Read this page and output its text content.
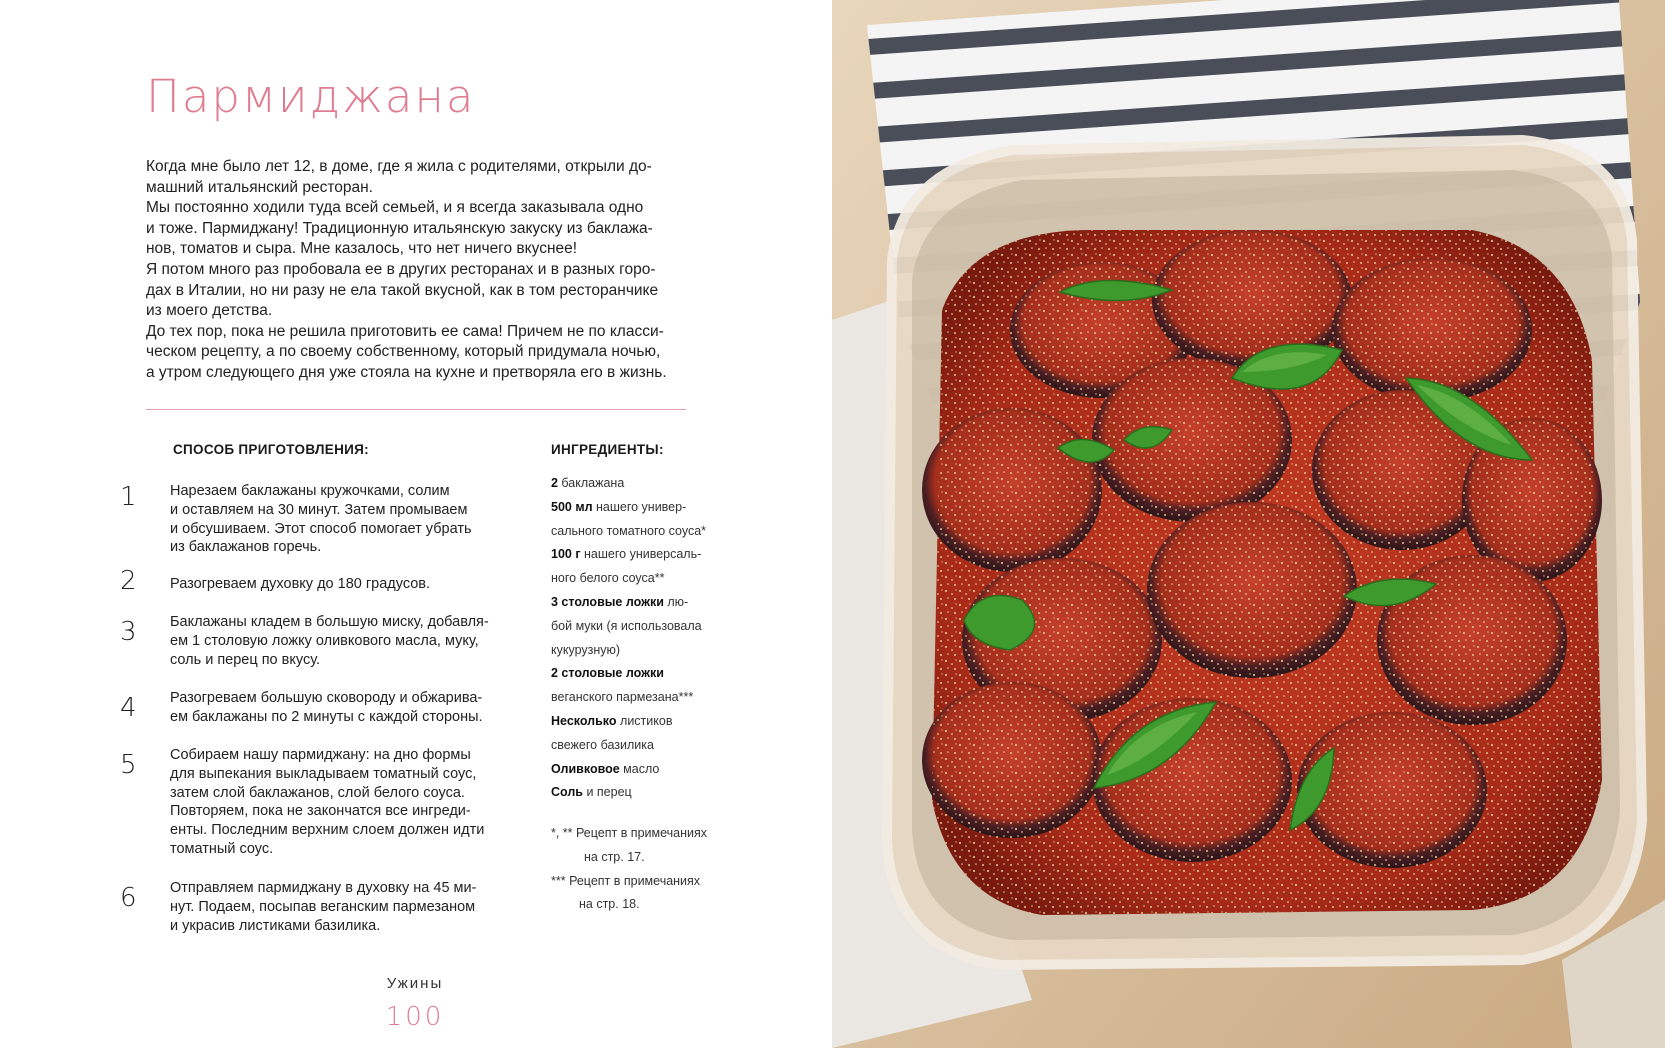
Пармиджана

Когда мне было лет 12, в доме, где я жила с родителями, открыли до-

машний итальянский ресторан.

Мы постоянно ходили туда всей семьей, и я всегда заказывала одно

и тоже. Пармиджану! Традиционную итальянскую закуску из баклажа-

нов, томатов и сыра. Мне казалось, что нет ничего вкуснее!

Я потом много раз пробовала ее в других ресторанах и в разных горо-

дах в Италии, но ни разу не ела такой вкусной, как в том ресторанчике

из моего детства.

До тех пор, пока не решила приготовить ее сама! Причем не по класси-

ческом рецепту, а по своему собственному, который придумала ночью,

а утром следующего дня уже стояла на кухне и претворяла его в жизнь.

СПОСОБ ПРИГОТОВЛЕНИЯ:	ИНГРЕДИЕНТЫ:
1	Нарезаем баклажаны кружочками, солим
и оставляем на 30 минут. Затем промываем
и обсушиваем. Этот способ помогает убрать
из баклажанов горечь.
2	Разогреваем духовку до 180 градусов.
3	Баклажаны кладем в большую миску, добавля-
ем 1 столовую ложку оливкового масла, муку,
соль и перец по вкусу.
4	Разогреваем большую сковороду и обжарива-
ем баклажаны по 2 минуты с каждой стороны.
5	Собираем нашу пармиджану: на дно формы
для выпекания выкладываем томатный соус,
затем слой баклажанов, слой белого соуса.
Повторяем, пока не закончатся все ингреди-
енты. Последним верхним слоем должен идти
томатный соус.
6	Отправляем пармиджану в духовку на 45 ми-
нут. Подаем, посыпав веганским пармезаном
и украсив листиками базилика.
2 баклажана
500 мл нашего универ-
сального томатного соуса*
100 г нашего универсаль-
ного белого соуса**
3 столовые ложки лю-
бой муки (я использовала
кукурузную)
2 столовые ложки
веганского пармезана***
Несколько листиков
свежего базилика
Оливковое масло
Соль и перец
*, ** Рецепт в примечаниях
на стр. 17.
*** Рецепт в примечаниях
на стр. 18.
Ужины
100
